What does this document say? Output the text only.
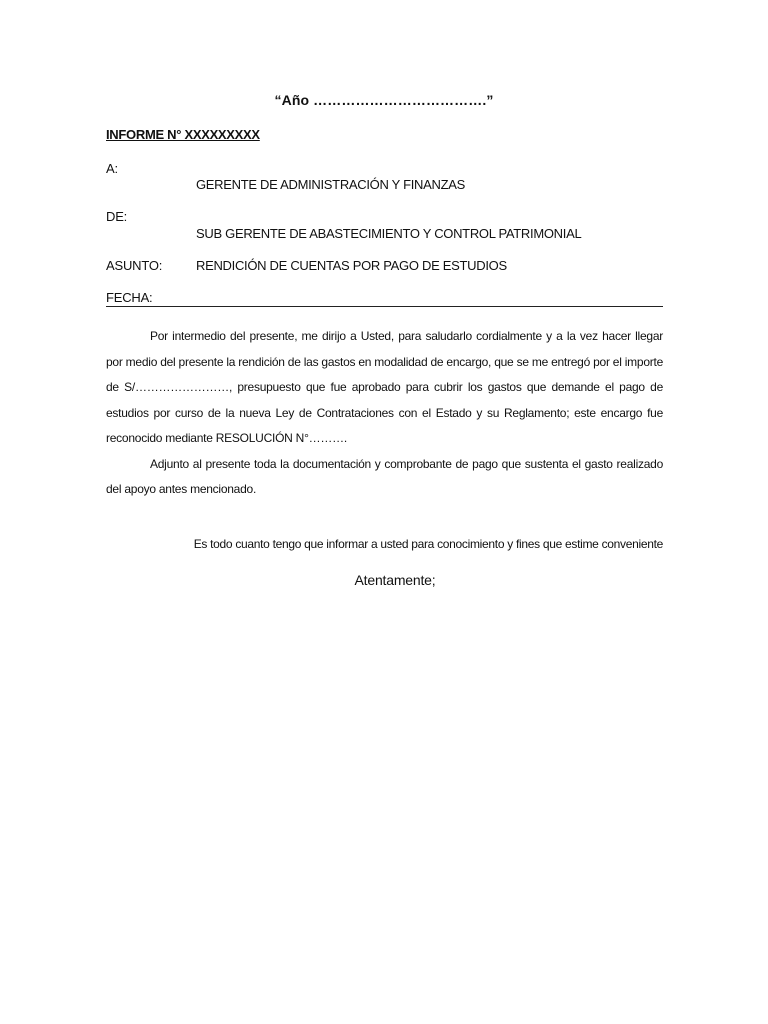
“Año ……………………………….”
INFORME N° XXXXXXXXX
A:
GERENTE DE ADMINISTRACIÓN Y FINANZAS
DE:
SUB GERENTE DE ABASTECIMIENTO Y CONTROL PATRIMONIAL
ASUNTO:	RENDICIÓN DE CUENTAS POR PAGO DE ESTUDIOS
FECHA:

Por intermedio del presente, me dirijo a Usted, para saludarlo cordialmente y a la vez hacer llegar por medio del presente la rendición de las gastos en modalidad de encargo, que se me entregó por el importe de S/……………………, presupuesto que fue aprobado para cubrir los gastos que demande el pago de estudios por curso de la nueva Ley de Contrataciones con el Estado y su Reglamento; este encargo fue reconocido mediante RESOLUCIÓN N°……….

Adjunto al presente toda la documentación y comprobante de pago que sustenta el gasto realizado del apoyo antes mencionado.

Es todo cuanto tengo que informar a usted para conocimiento y fines que estime conveniente
Atentamente;
